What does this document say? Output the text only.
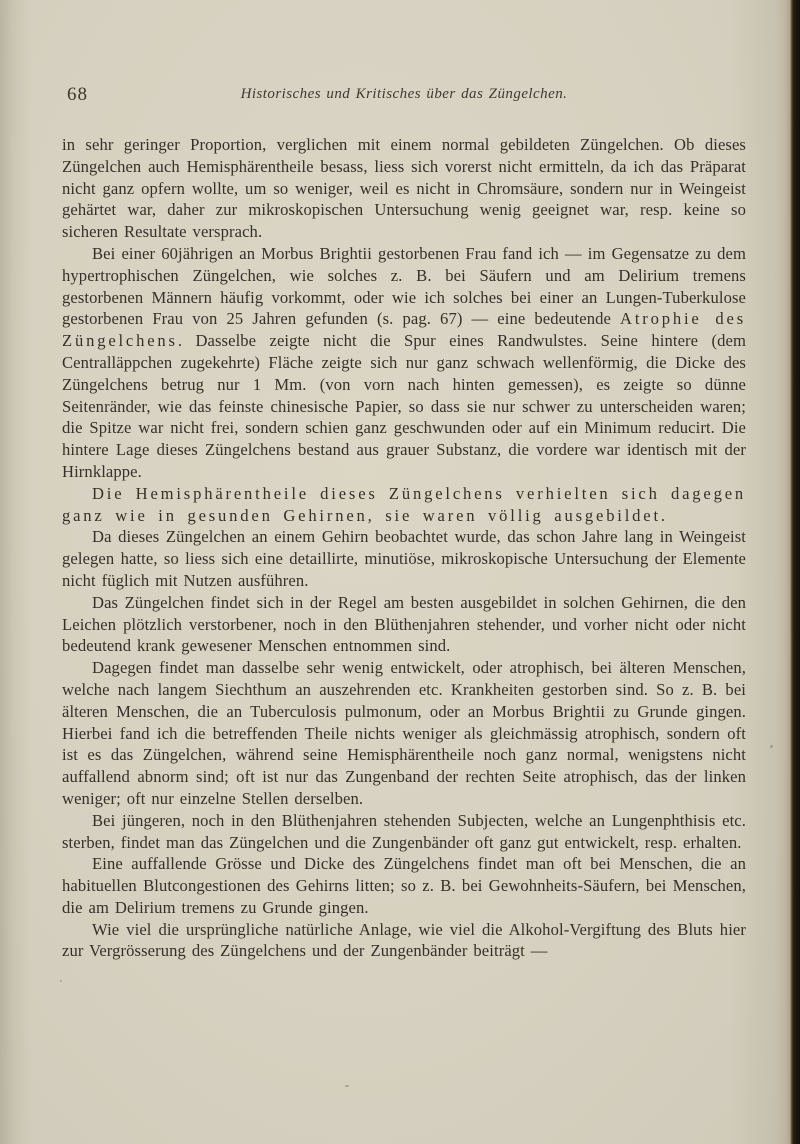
68	Historisches und Kritisches über das Züngelchen.

in sehr geringer Proportion, verglichen mit einem normal gebildeten Züngelchen. Ob dieses Züngelchen auch Hemisphärentheile besass, liess sich vorerst nicht ermitteln, da ich das Präparat nicht ganz opfern wollte, um so weniger, weil es nicht in Chromsäure, sondern nur in Weingeist gehärtet war, daher zur mikroskopischen Untersuchung wenig geeignet war, resp. keine so sicheren Resultate versprach.

Bei einer 60jährigen an Morbus Brightii gestorbenen Frau fand ich — im Gegensatze zu dem hypertrophischen Züngelchen, wie solches z. B. bei Säufern und am Delirium tremens gestorbenen Männern häufig vorkommt, oder wie ich solches bei einer an Lungen-Tuberkulose gestorbenen Frau von 25 Jahren gefunden (s. pag. 67) — eine bedeutende Atrophie des Züngelchens. Dasselbe zeigte nicht die Spur eines Randwulstes. Seine hintere (dem Centralläppchen zugekehrte) Fläche zeigte sich nur ganz schwach wellenförmig, die Dicke des Züngelchens betrug nur 1 Mm. (von vorn nach hinten gemessen), es zeigte so dünne Seitenränder, wie das feinste chinesische Papier, so dass sie nur schwer zu unterscheiden waren; die Spitze war nicht frei, sondern schien ganz geschwunden oder auf ein Minimum reducirt. Die hintere Lage dieses Züngelchens bestand aus grauer Substanz, die vordere war identisch mit der Hirnklappe.

Die Hemisphärentheile dieses Züngelchens verhielten sich dagegen ganz wie in gesunden Gehirnen, sie waren völlig ausgebildet.

Da dieses Züngelchen an einem Gehirn beobachtet wurde, das schon Jahre lang in Weingeist gelegen hatte, so liess sich eine detaillirte, minutiöse, mikroskopische Untersuchung der Elemente nicht füglich mit Nutzen ausführen.

Das Züngelchen findet sich in der Regel am besten ausgebildet in solchen Gehirnen, die den Leichen plötzlich verstorbener, noch in den Blüthenjahren stehender, und vorher nicht oder nicht bedeutend krank gewesener Menschen entnommen sind.

Dagegen findet man dasselbe sehr wenig entwickelt, oder atrophisch, bei älteren Menschen, welche nach langem Siechthum an auszehrenden etc. Krankheiten gestorben sind. So z. B. bei älteren Menschen, die an Tuberculosis pulmonum, oder an Morbus Brightii zu Grunde gingen. Hierbei fand ich die betreffenden Theile nichts weniger als gleichmässig atrophisch, sondern oft ist es das Züngelchen, während seine Hemisphärentheile noch ganz normal, wenigstens nicht auffallend abnorm sind; oft ist nur das Zungenband der rechten Seite atrophisch, das der linken weniger; oft nur einzelne Stellen derselben.

Bei jüngeren, noch in den Blüthenjahren stehenden Subjecten, welche an Lungenphthisis etc. sterben, findet man das Züngelchen und die Zungenbänder oft ganz gut entwickelt, resp. erhalten.

Eine auffallende Grösse und Dicke des Züngelchens findet man oft bei Menschen, die an habituellen Blutcongestionen des Gehirns litten; so z. B. bei Gewohnheits-Säufern, bei Menschen, die am Delirium tremens zu Grunde gingen.

Wie viel die ursprüngliche natürliche Anlage, wie viel die Alkohol-Vergiftung des Bluts hier zur Vergrösserung des Züngelchens und der Zungenbänder beiträgt —
